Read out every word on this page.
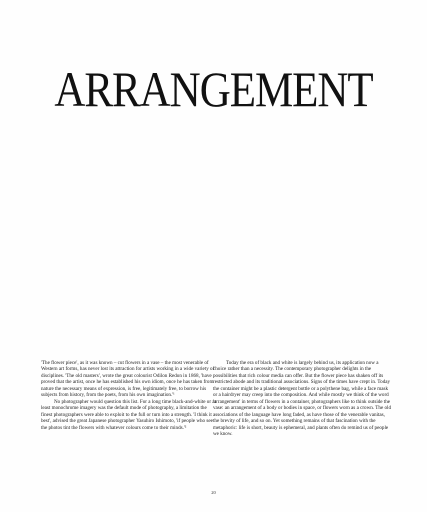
ARRANGEMENT

'The flower piece', as it was known – cut flowers in a vase – the most venerable of Western art forms, has never lost its attraction for artists working in a wide variety of disciplines. 'The old masters', wrote the great colourist Odilon Redon in 1868, 'have proved that the artist, once he has established his own idiom, once he has taken from nature the necessary means of expression, is free, legitimately free, to borrow his subjects from history, from the poets, from his own imagination.'¹

No photographer would question this list. For a long time black-and-white or at least monochrome imagery was the default mode of photography, a limitation the finest photographers were able to exploit to the full or turn into a strength. 'I think it best', advised the great Japanese photographer Yasuhiro Ishimoto, 'if people who see the photos tint the flowers with whatever colours come to their minds.'²

Today the era of black and white is largely behind us, its application now a choice rather than a necessity. The contemporary photographer delights in the possibilities that rich colour media can offer. But the flower piece has shaken off its restricted abode and its traditional associations. Signs of the times have crept in. Today the container might be a plastic detergent bottle or a polythene bag, while a face mask or a hairdryer may creep into the composition. And while mostly we think of the word 'arrangement' in terms of flowers in a container, photographers like to think outside the vase: an arrangement of a body or bodies in space, or flowers worn as a crown. The old associations of the language have long faded, as have those of the venerable vanitas, the brevity of life, and so on. Yet something remains of that fascination with the metaphoric: life is short, beauty is ephemeral, and plants often do remind us of people we know.

20
